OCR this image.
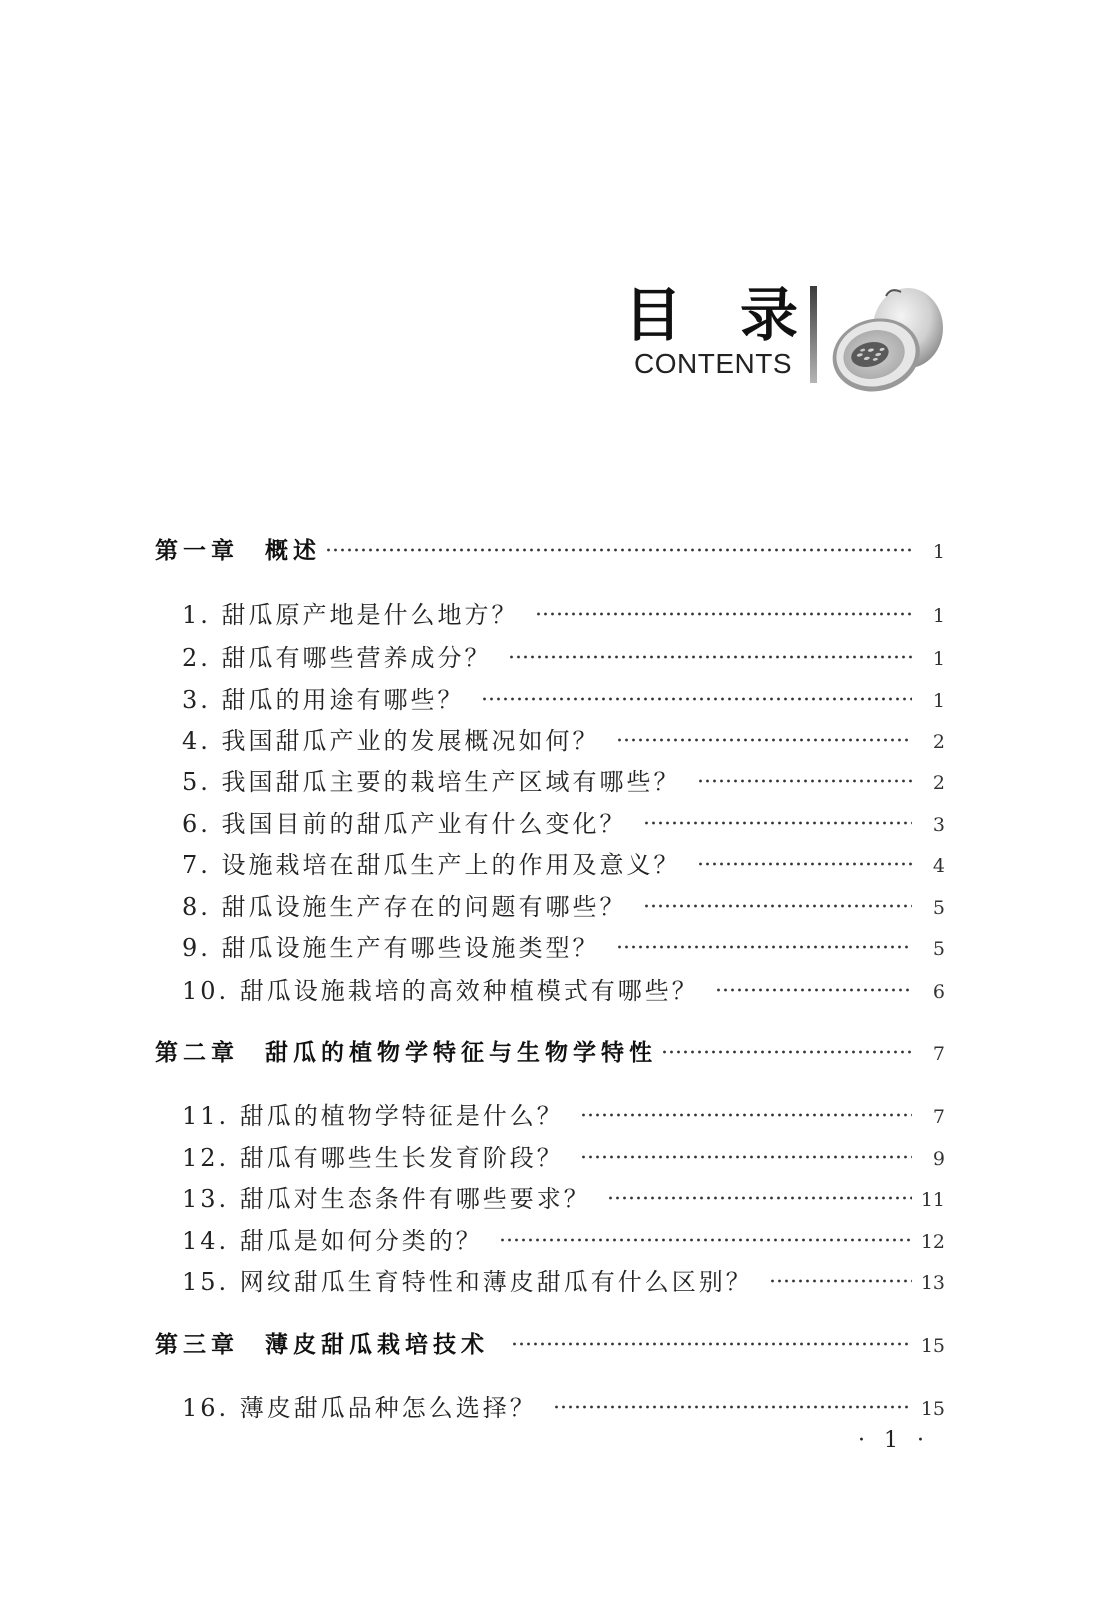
目　录
CONTENTS
第一章 概述	1
1. 甜瓜原产地是什么地方？	1
2. 甜瓜有哪些营养成分？	1
3. 甜瓜的用途有哪些？	1
4. 我国甜瓜产业的发展概况如何？	2
5. 我国甜瓜主要的栽培生产区域有哪些？	2
6. 我国目前的甜瓜产业有什么变化？	3
7. 设施栽培在甜瓜生产上的作用及意义？	4
8. 甜瓜设施生产存在的问题有哪些？	5
9. 甜瓜设施生产有哪些设施类型？	5
10. 甜瓜设施栽培的高效种植模式有哪些？	6
第二章 甜瓜的植物学特征与生物学特性	7
11. 甜瓜的植物学特征是什么？	7
12. 甜瓜有哪些生长发育阶段？	9
13. 甜瓜对生态条件有哪些要求？	11
14. 甜瓜是如何分类的？	12
15. 网纹甜瓜生育特性和薄皮甜瓜有什么区别？	13
第三章 薄皮甜瓜栽培技术	15
16. 薄皮甜瓜品种怎么选择？	15
· 1 ·
